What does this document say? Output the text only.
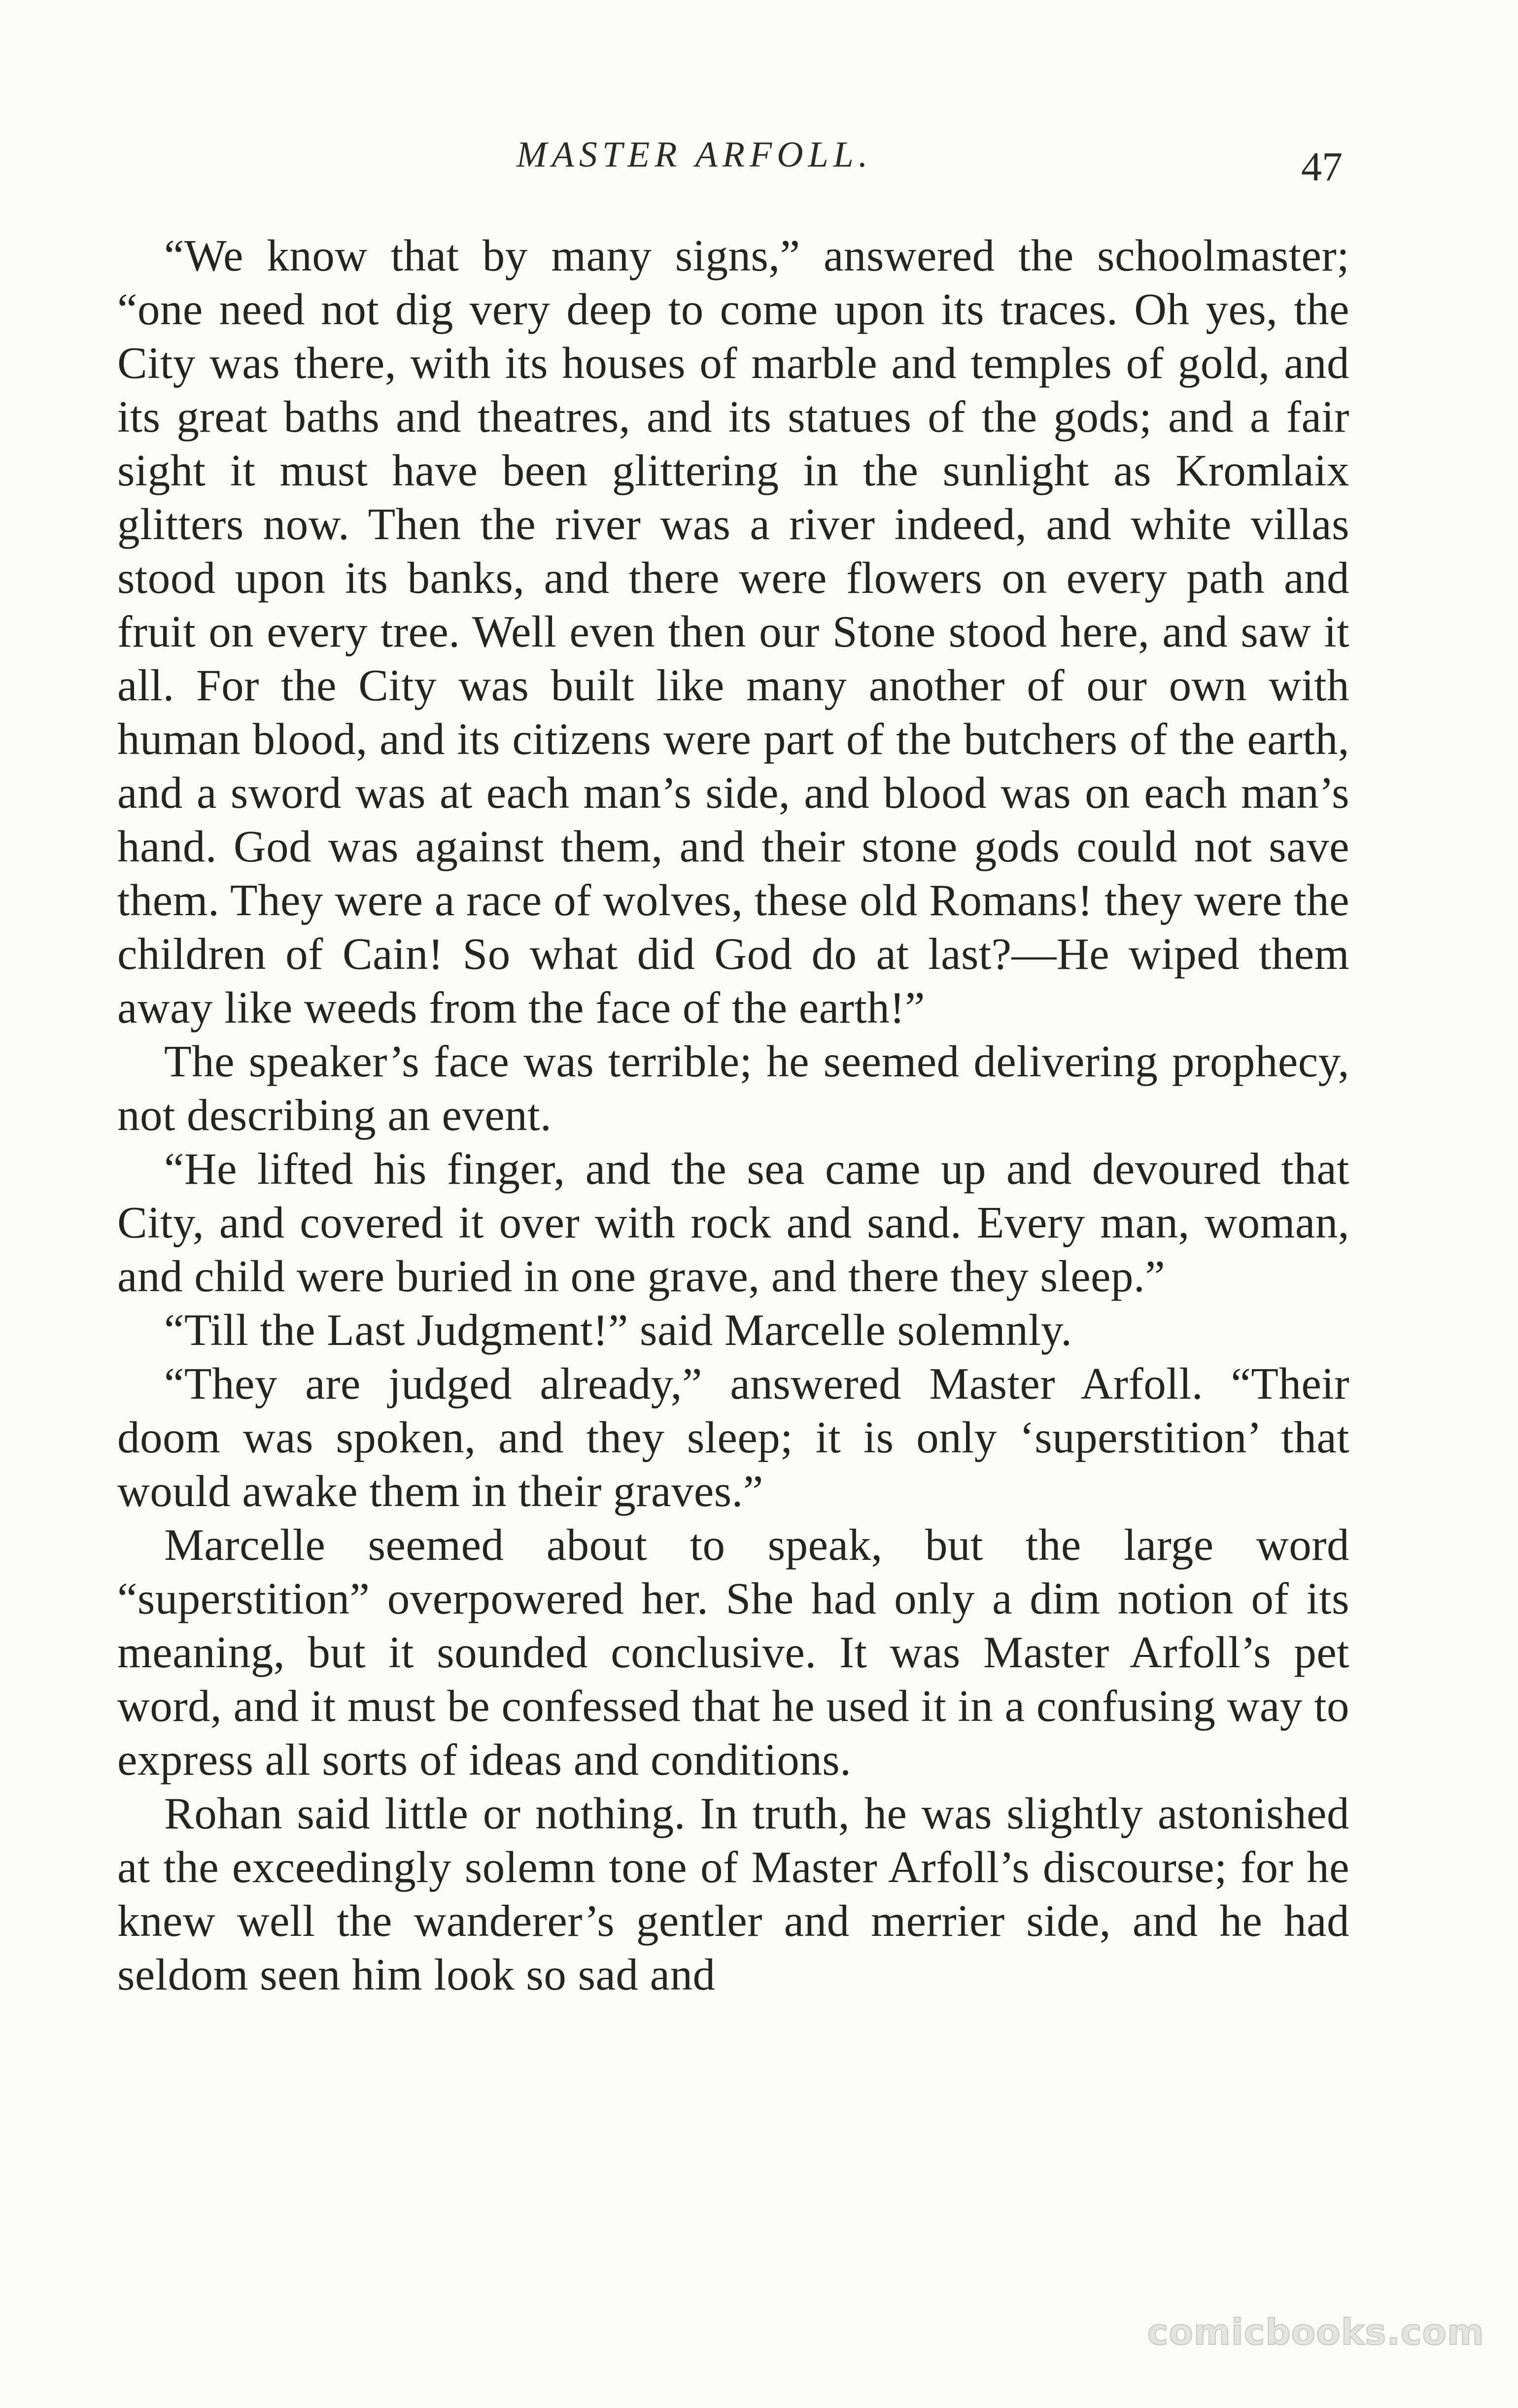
MASTER ARFOLL.	47

“We know that by many signs,” answered the schoolmaster; “one need not dig very deep to come upon its traces. Oh yes, the City was there, with its houses of marble and temples of gold, and its great baths and theatres, and its statues of the gods; and a fair sight it must have been glittering in the sunlight as Kromlaix glitters now. Then the river was a river indeed, and white villas stood upon its banks, and there were flowers on every path and fruit on every tree. Well even then our Stone stood here, and saw it all. For the City was built like many another of our own with human blood, and its citizens were part of the butchers of the earth, and a sword was at each man’s side, and blood was on each man’s hand. God was against them, and their stone gods could not save them. They were a race of wolves, these old Romans! they were the children of Cain! So what did God do at last?—He wiped them away like weeds from the face of the earth!”

The speaker’s face was terrible; he seemed delivering prophecy, not describing an event.

“He lifted his finger, and the sea came up and devoured that City, and covered it over with rock and sand. Every man, woman, and child were buried in one grave, and there they sleep.”

“Till the Last Judgment!” said Marcelle solemnly.

“They are judged already,” answered Master Arfoll. “Their doom was spoken, and they sleep; it is only ‘superstition’ that would awake them in their graves.”

Marcelle seemed about to speak, but the large word “superstition” overpowered her. She had only a dim notion of its meaning, but it sounded conclusive. It was Master Arfoll’s pet word, and it must be confessed that he used it in a confusing way to express all sorts of ideas and conditions.

Rohan said little or nothing. In truth, he was slightly astonished at the exceedingly solemn tone of Master Arfoll’s discourse; for he knew well the wanderer’s gentler and merrier side, and he had seldom seen him look so sad and

comicbooks.com
